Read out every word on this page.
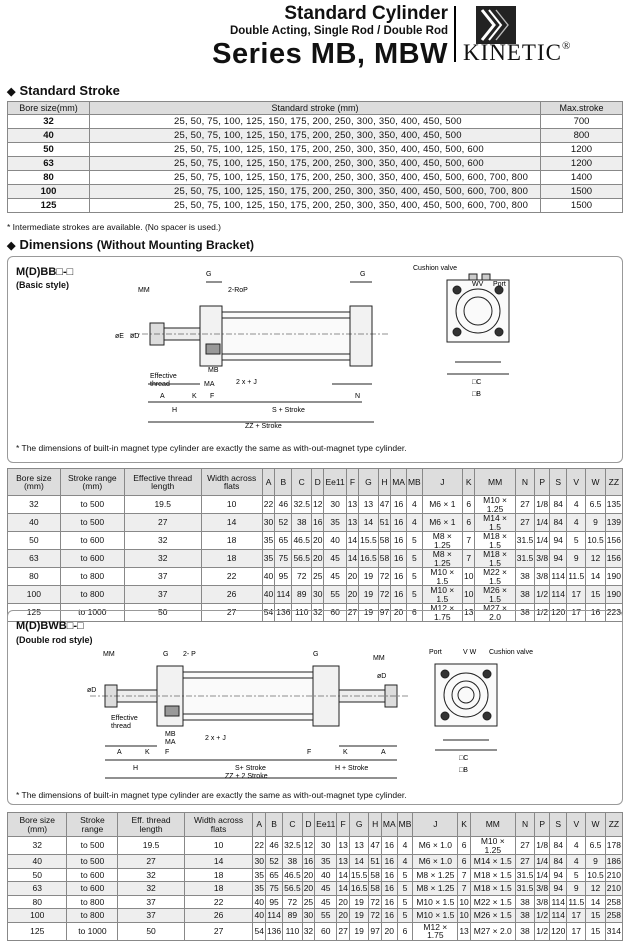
Standard Cylinder
Double Acting, Single Rod / Double Rod
Series MB, MBW KINETIC®
◆ Standard Stroke
Bore size(mm)	Standard stroke (mm)	Max.stroke
32	25, 50, 75, 100, 125, 150, 175, 200, 250, 300, 350, 400, 450, 500	700
40	25, 50, 75, 100, 125, 150, 175, 200, 250, 300, 350, 400, 450, 500	800
50	25, 50, 75, 100, 125, 150, 175, 200, 250, 300, 350, 400, 450, 500, 600	1200
63	25, 50, 75, 100, 125, 150, 175, 200, 250, 300, 350, 400, 450, 500, 600	1200
80	25, 50, 75, 100, 125, 150, 175, 200, 250, 300, 350, 400, 450, 500, 600, 700, 800	1400
100	25, 50, 75, 100, 125, 150, 175, 200, 250, 300, 350, 400, 450, 500, 600, 700, 800	1500
125	25, 50, 75, 100, 125, 150, 175, 200, 250, 300, 350, 400, 450, 500, 600, 700, 800	1500
* Intermediate strokes are available. (No spacer is used.)
◆ Dimensions (Without Mounting Bracket)
M(D)BB□-□
(Basic style)
MM
G
2-RoP
G
øE øD
MB
MA
Effective
thread	2 x + J
A	K F
H
N
S + Stroke
ZZ + Stroke
Cushion valve
WV Port
□C
□B
* The dimensions of built-in magnet type cylinder are exactly the same as with-out-magnet type cylinder.
Bore size (mm)	Stroke range (mm)	Effective thread length	Width across flats	A	B	C	D	Ee11	F	G	H	MA	MB	J	K	MM	N	P	S	V	W	ZZ
32	to 500	19.5	10	22	46	32.5	12	30	13	13	47	16	4	M6 × 1	6	M10 × 1.25	27	1/8	84	4	6.5	135
40	to 500	27	14	30	52	38	16	35	13	14	51	16	4	M6 × 1	6	M14 × 1.5	27	1/4	84	4	9	139
50	to 600	32	18	35	65	46.5	20	40	14	15.5	58	16	5	M8 × 1.25	7	M18 × 1.5	31.5	1/4	94	5	10.5	156
63	to 600	32	18	35	75	56.5	20	45	14	16.5	58	16	5	M8 × 1.25	7	M18 × 1.5	31.5	3/8	94	9	12	156
80	to 800	37	22	40	95	72	25	45	20	19	72	16	5	M10 × 1.5	10	M22 × 1.5	38	3/8	114	11.5	14	190
100	to 800	37	26	40	114	89	30	55	20	19	72	16	5	M10 × 1.5	10	M26 × 1.5	38	1/2	114	17	15	190
125	to 1000	50	27	54	136	110	32	60	27	19	97	20	6	M12 × 1.75	13	M27 × 2.0	38	1/2	120	17	16	223
M(D)BWB□-□
(Double rod style)
MM	G 2- P	G
MM
øD
øD
MB
MA
Effective
thread
2 x + J
A	K F
H	S+ Stroke
F	K	A
H + Stroke
ZZ + 2 Stroke
Port	V W Cushion valve
□C
□B
* The dimensions of built-in magnet type cylinder are exactly the same as with-out-magnet type cylinder.
Bore size (mm)	Stroke range	Eff. thread length	Width across flats	A	B	C	D	Ee11	F	G	H	MA	MB	J	K	MM	N	P	S	V	W	ZZ
32	to 500	19.5	10	22	46	32.5	12	30	13	13	47	16	4	M6 × 1.0	6	M10 × 1.25	27	1/8	84	4	6.5	178
40	to 500	27	14	30	52	38	16	35	13	14	51	16	4	M6 × 1.0	6	M14 × 1.5	27	1/4	84	4	9	186
50	to 600	32	18	35	65	46.5	20	40	14	15.5	58	16	5	M8 × 1.25	7	M18 × 1.5	31.5	1/4	94	5	10.5	210
63	to 600	32	18	35	75	56.5	20	45	14	16.5	58	16	5	M8 × 1.25	7	M18 × 1.5	31.5	3/8	94	9	12	210
80	to 800	37	22	40	95	72	25	45	20	19	72	16	5	M10 × 1.5	10	M22 × 1.5	38	3/8	114	11.5	14	258
100	to 800	37	26	40	114	89	30	55	20	19	72	16	5	M10 × 1.5	10	M26 × 1.5	38	1/2	114	17	15	258
125	to 1000	50	27	54	136	110	32	60	27	19	97	20	6	M12 × 1.75	13	M27 × 2.0	38	1/2	120	17	15	314
